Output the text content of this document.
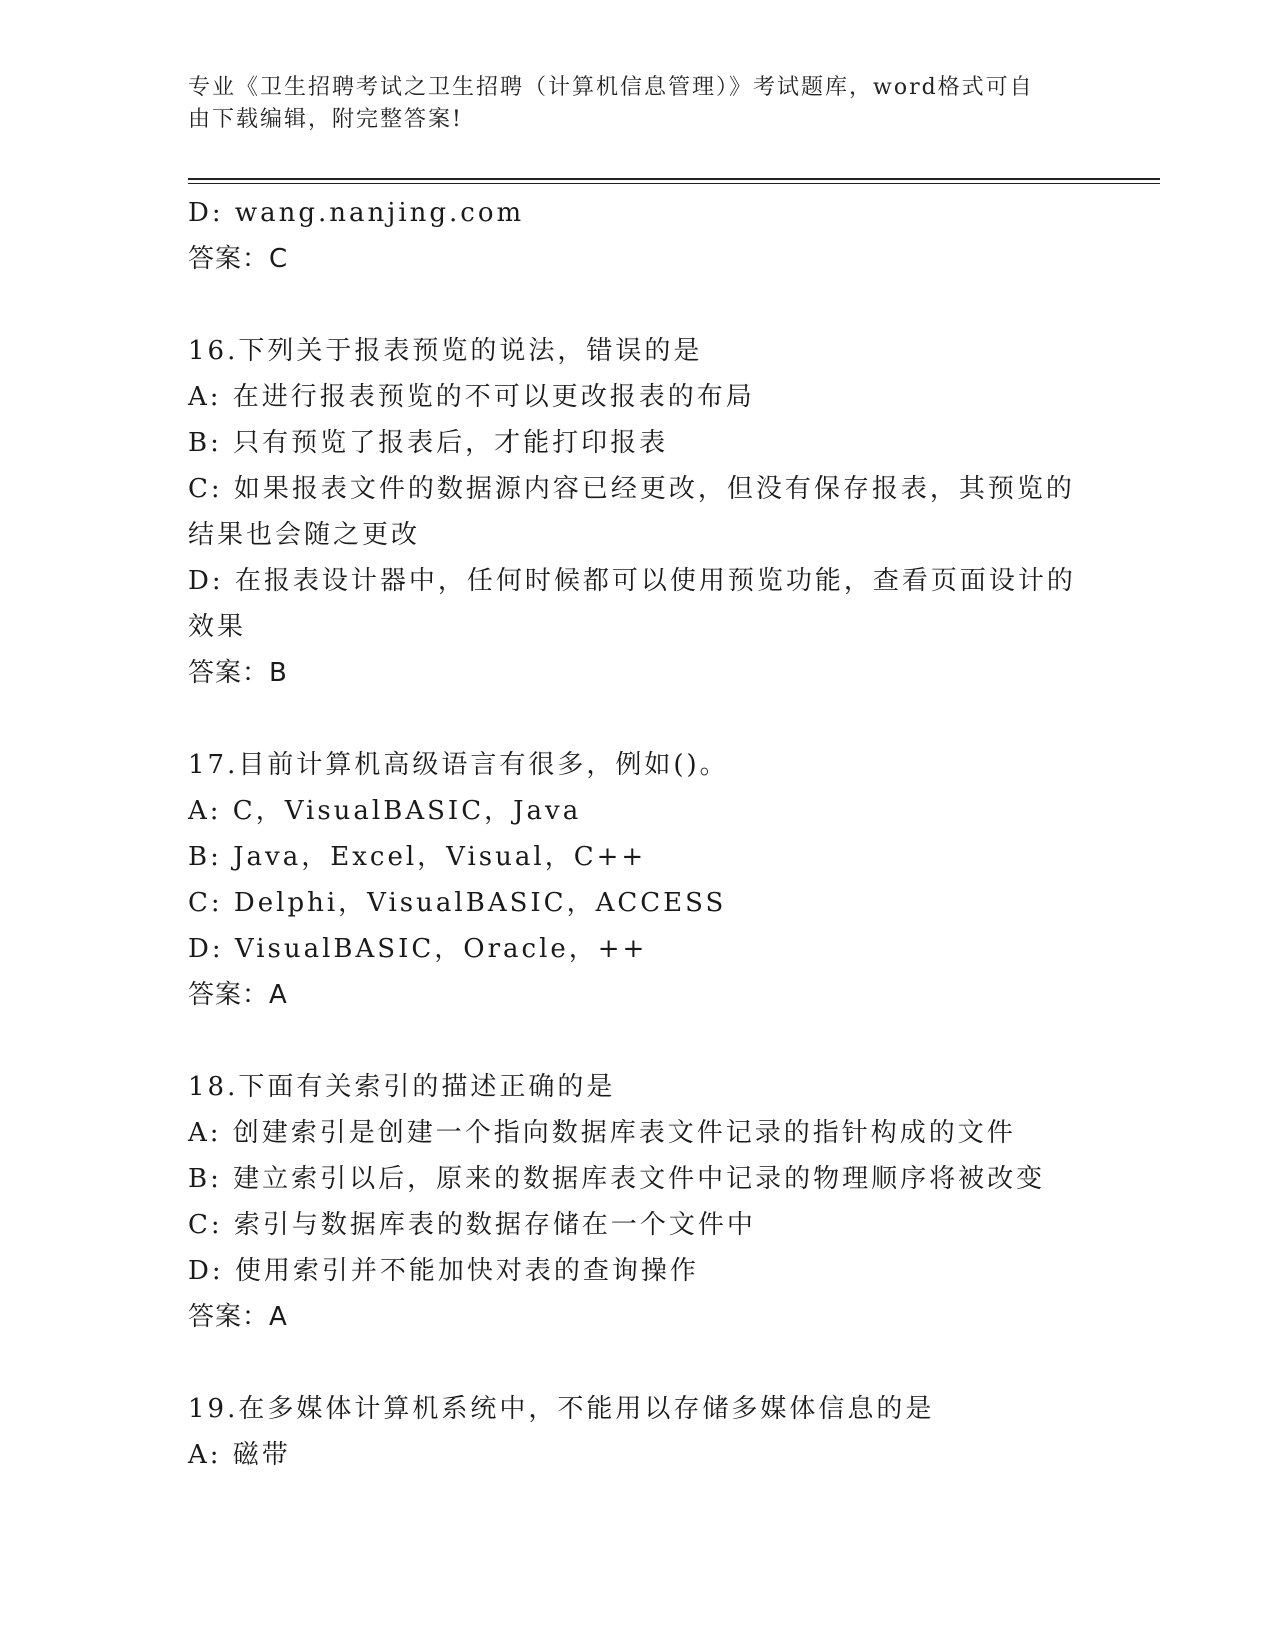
专业《卫生招聘考试之卫生招聘（计算机信息管理）》考试题库，word格式可自
由下载编辑，附完整答案!
D: wang.nanjing.com
答案：C
16.下列关于报表预览的说法，错误的是
A: 在进行报表预览的不可以更改报表的布局
B: 只有预览了报表后，才能打印报表
C: 如果报表文件的数据源内容已经更改，但没有保存报表，其预览的
结果也会随之更改
D: 在报表设计器中，任何时候都可以使用预览功能，查看页面设计的
效果
答案：B
17.目前计算机高级语言有很多，例如()。
A: C，VisualBASIC，Java
B: Java，Excel，Visual，C++
C: Delphi，VisualBASIC，ACCESS
D: VisualBASIC，Oracle，++
答案：A
18.下面有关索引的描述正确的是
A: 创建索引是创建一个指向数据库表文件记录的指针构成的文件
B: 建立索引以后，原来的数据库表文件中记录的物理顺序将被改变
C: 索引与数据库表的数据存储在一个文件中
D: 使用索引并不能加快对表的查询操作
答案：A
19.在多媒体计算机系统中，不能用以存储多媒体信息的是
A: 磁带
